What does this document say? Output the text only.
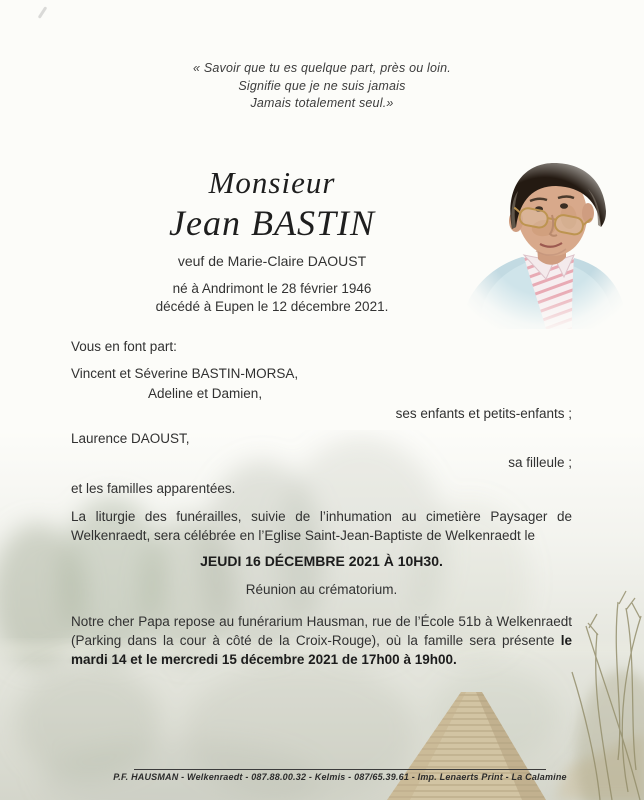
« Savoir que tu es quelque part, près ou loin.
Signifie que je ne suis jamais
Jamais totalement seul.»
Monsieur
Jean BASTIN
veuf de Marie-Claire DAOUST
né à Andrimont le 28 février 1946
décédé à Eupen le 12 décembre 2021.
Vous en font part:
Vincent et Séverine BASTIN-MORSA,
Adeline et Damien,
ses enfants et petits-enfants ;
Laurence DAOUST,
sa filleule ;
et les familles apparentées.
La liturgie des funérailles, suivie de l’inhumation au cimetière Paysager de Welkenraedt, sera célébrée en l’Eglise Saint-Jean-Baptiste de Welkenraedt le
JEUDI 16 DÉCEMBRE 2021 À 10H30.
Réunion au crématorium.
Notre cher Papa repose au funérarium Hausman, rue de l’École 51b à Welkenraedt (Parking dans la cour à côté de la Croix-Rouge), où la famille sera présente le mardi 14 et le mercredi 15 décembre 2021 de 17h00 à 19h00.
P.F. HAUSMAN - Welkenraedt - 087.88.00.32 - Kelmis - 087/65.39.61 - Imp. Lenaerts Print - La Calamine
